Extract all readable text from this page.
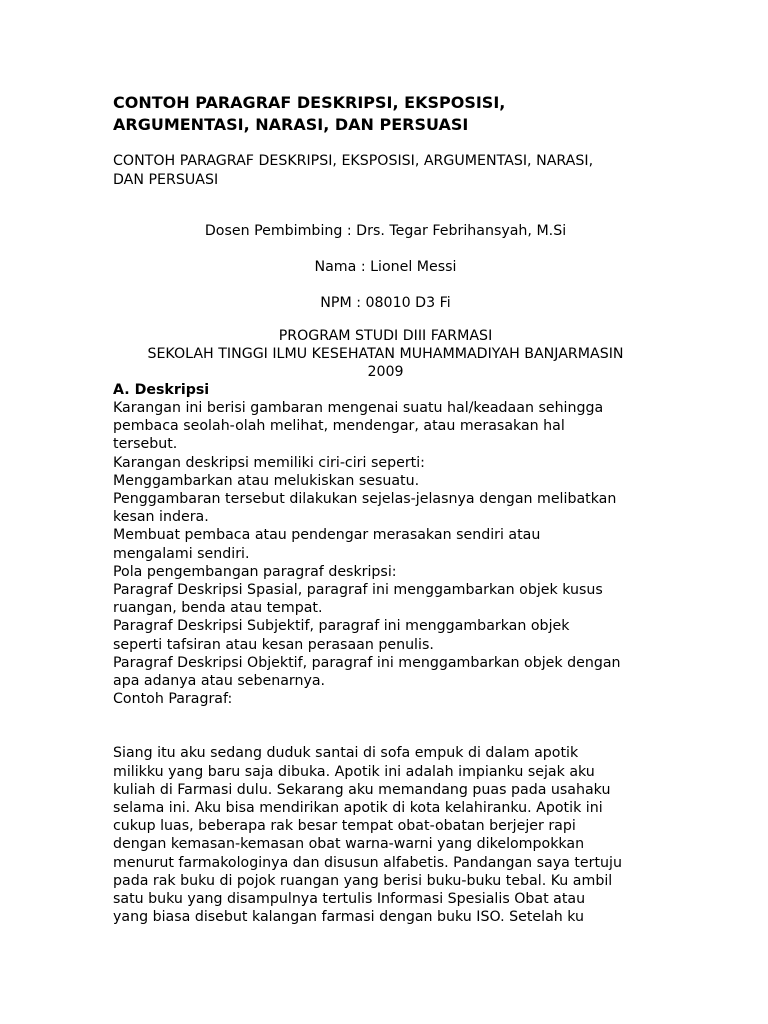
CONTOH PARAGRAF DESKRIPSI, EKSPOSISI,

ARGUMENTASI, NARASI, DAN PERSUASI

CONTOH PARAGRAF DESKRIPSI, EKSPOSISI, ARGUMENTASI, NARASI,
DAN PERSUASI

Dosen Pembimbing : Drs. Tegar Febrihansyah, M.Si

Nama : Lionel Messi

NPM : 08010 D3 Fi

PROGRAM STUDI DIII FARMASI

SEKOLAH TINGGI ILMU KESEHATAN MUHAMMADIYAH BANJARMASIN

2009

A. Deskripsi

Karangan ini berisi gambaran mengenai suatu hal/keadaan sehingga

pembaca seolah-olah melihat, mendengar, atau merasakan hal

tersebut.

Karangan deskripsi memiliki ciri-ciri seperti:

Menggambarkan atau melukiskan sesuatu.

Penggambaran tersebut dilakukan sejelas-jelasnya dengan melibatkan

kesan indera.

Membuat pembaca atau pendengar merasakan sendiri atau

mengalami sendiri.

Pola pengembangan paragraf deskripsi:

Paragraf Deskripsi Spasial, paragraf ini menggambarkan objek kusus

ruangan, benda atau tempat.

Paragraf Deskripsi Subjektif, paragraf ini menggambarkan objek

seperti tafsiran atau kesan perasaan penulis.

Paragraf Deskripsi Objektif, paragraf ini menggambarkan objek dengan

apa adanya atau sebenarnya.

Contoh Paragraf:

Siang itu aku sedang duduk santai di sofa empuk di dalam apotik

milikku yang baru saja dibuka. Apotik ini adalah impianku sejak aku

kuliah di Farmasi dulu. Sekarang aku memandang puas pada usahaku

selama ini. Aku bisa mendirikan apotik di kota kelahiranku. Apotik ini

cukup luas, beberapa rak besar tempat obat-obatan berjejer rapi

dengan kemasan-kemasan obat warna-warni yang dikelompokkan

menurut farmakologinya dan disusun alfabetis. Pandangan saya tertuju

pada rak buku di pojok ruangan yang berisi buku-buku tebal. Ku ambil

satu buku yang disampulnya tertulis Informasi Spesialis Obat atau

yang biasa disebut kalangan farmasi dengan buku ISO. Setelah ku
